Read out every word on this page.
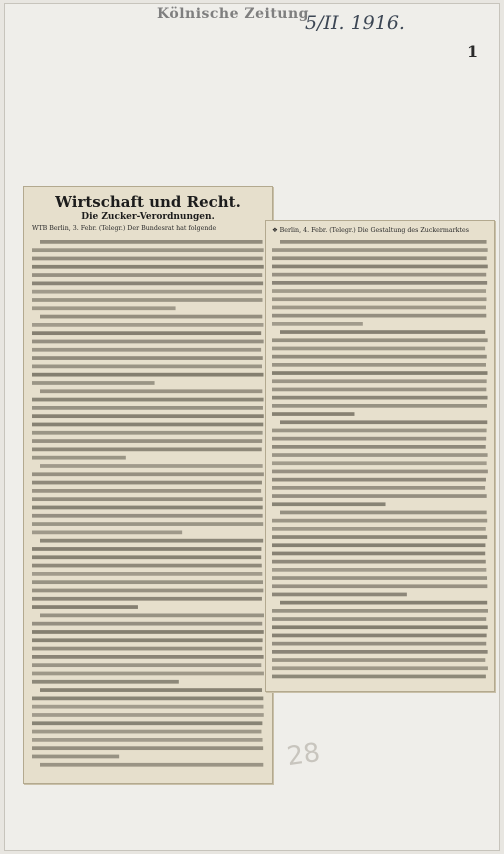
Kölnische Zeitung
5/II. 1916.
1
Wirtschaft und Recht.
Die Zucker-Verordnungen.
WTB Berlin, 3. Febr. (Telegr.) Der Bundesrat hat folgende	❖ Berlin, 4. Febr. (Telegr.) Die Gestaltung des Zuckermarktes
28
